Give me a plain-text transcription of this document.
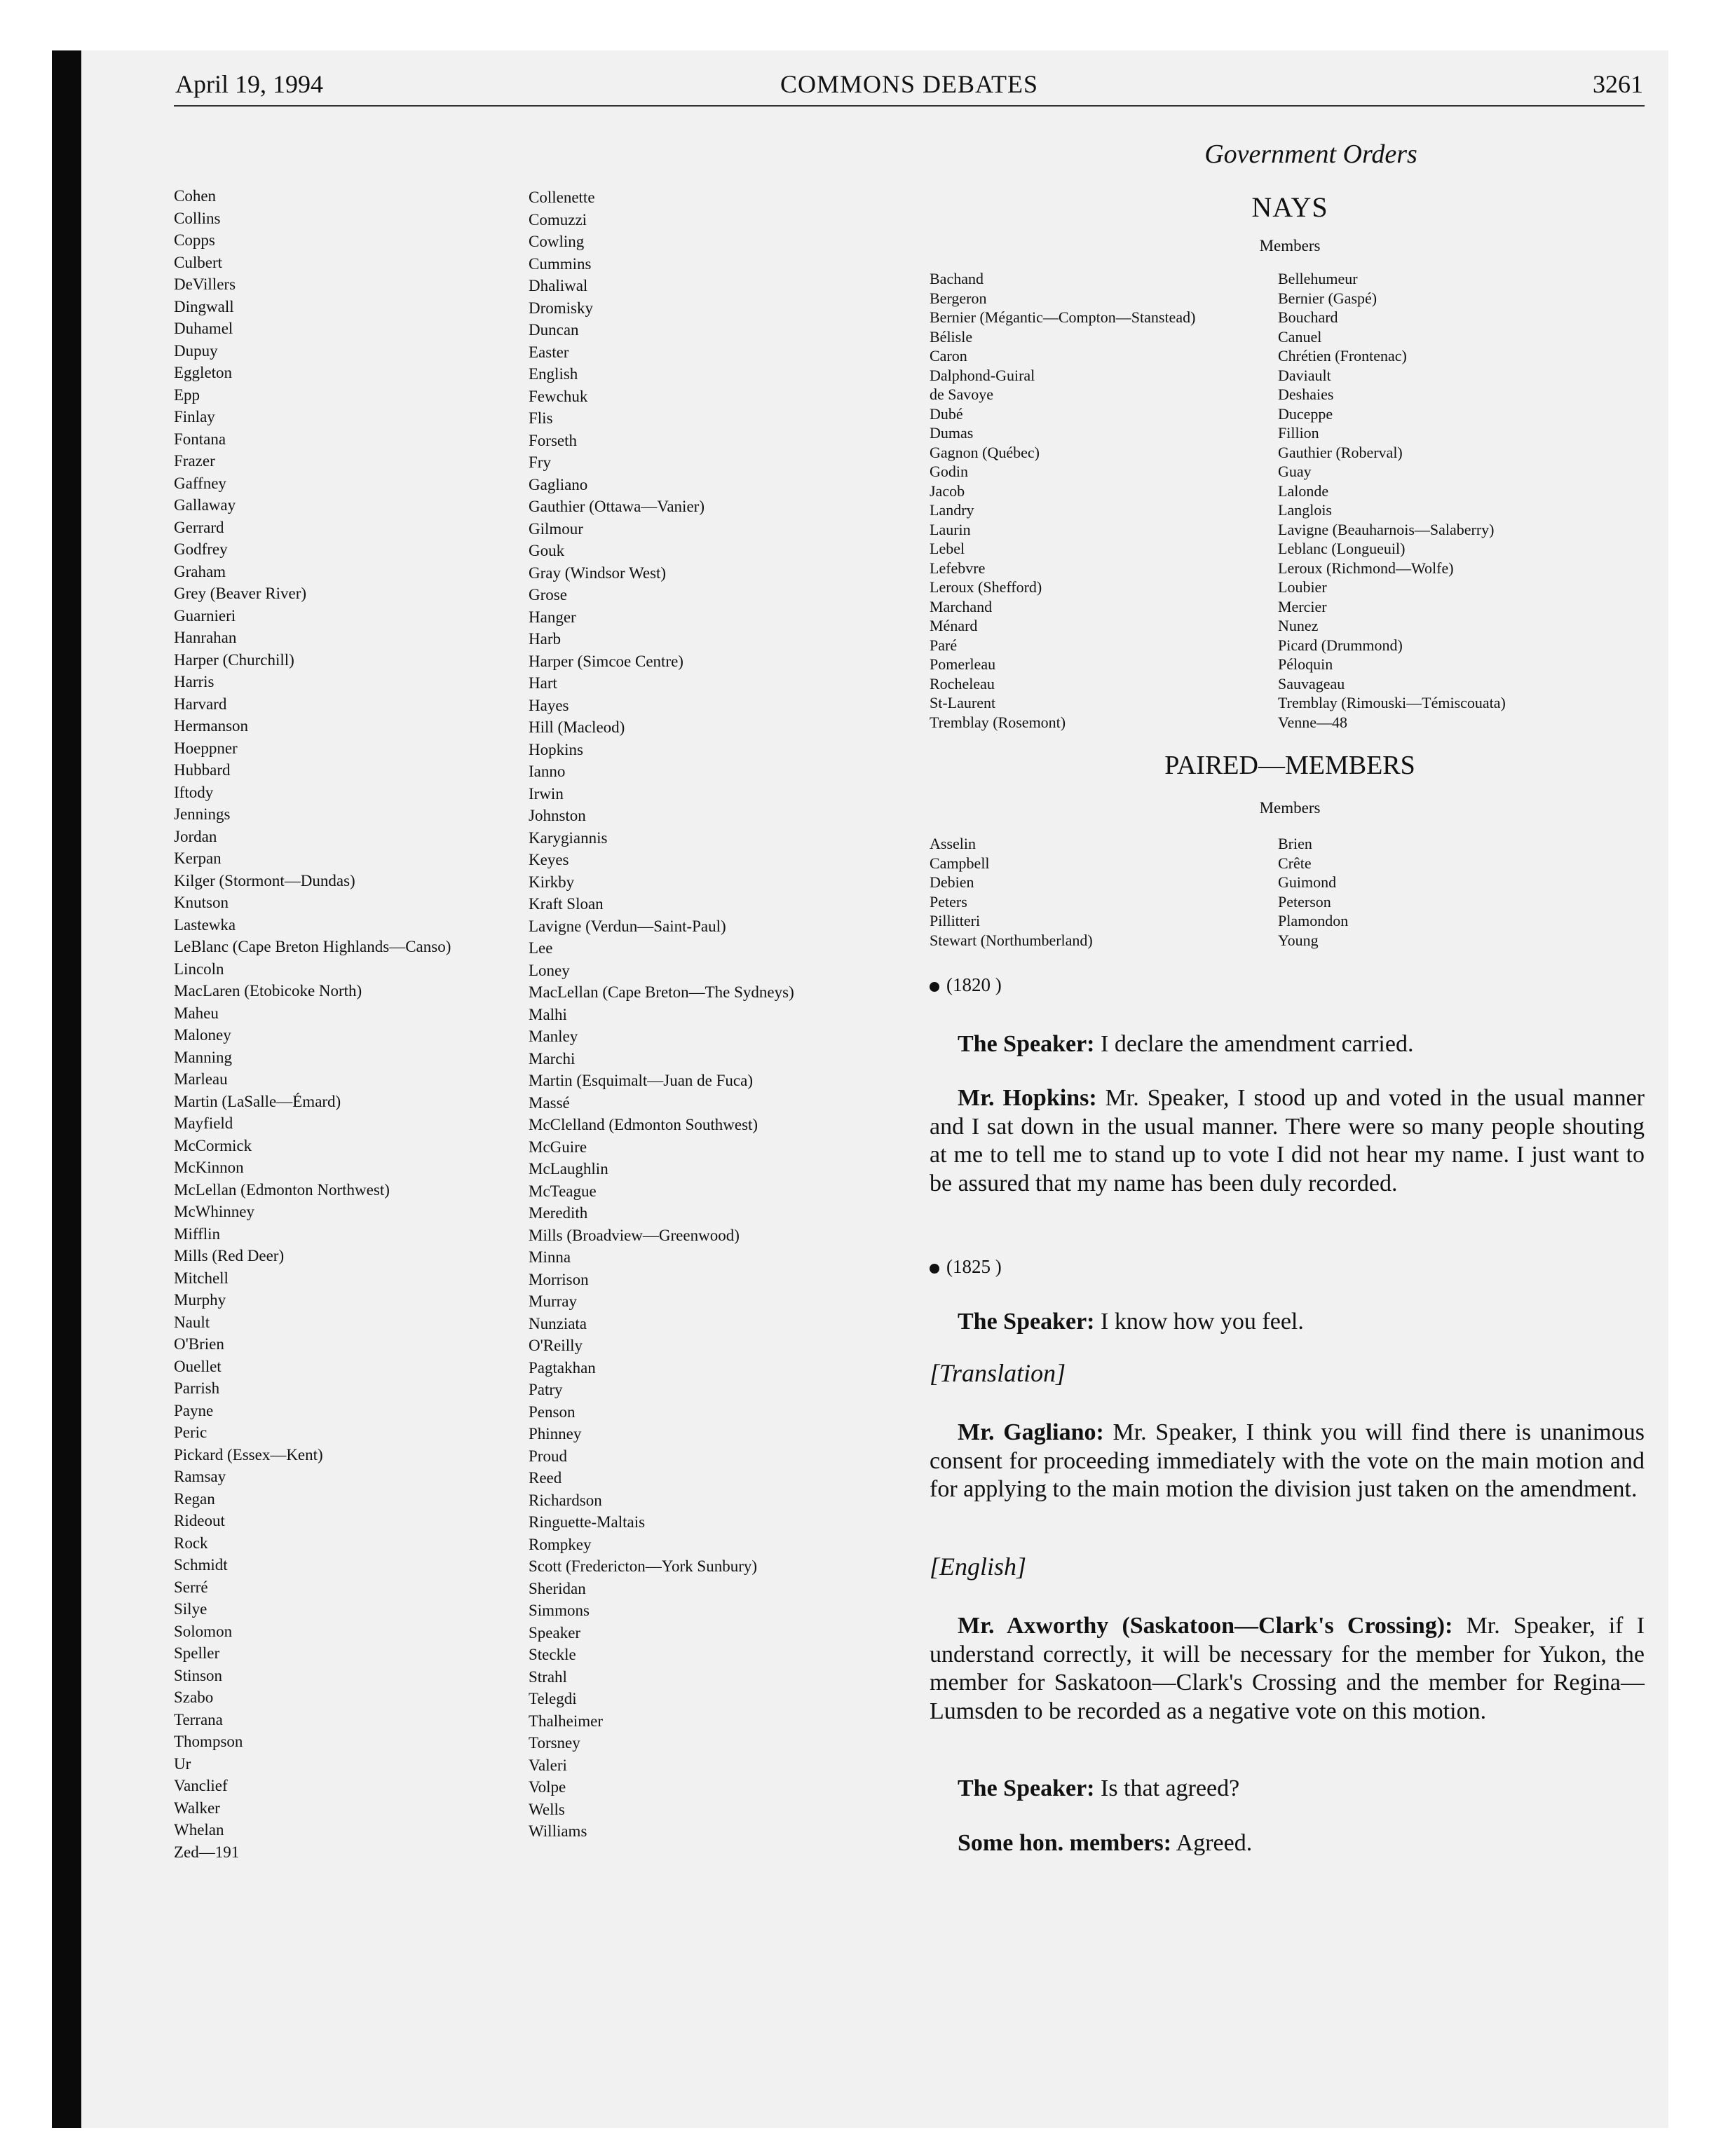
April 19, 1994	COMMONS DEBATES	3261
Government Orders
Cohen
Collins
Copps
Culbert
DeVillers
Dingwall
Duhamel
Dupuy
Eggleton
Epp
Finlay
Fontana
Frazer
Gaffney
Gallaway
Gerrard
Godfrey
Graham
Grey (Beaver River)
Guarnieri
Hanrahan
Harper (Churchill)
Harris
Harvard
Hermanson
Hoeppner
Hubbard
Iftody
Jennings
Jordan
Kerpan
Kilger (Stormont—Dundas)
Knutson
Lastewka
LeBlanc (Cape Breton Highlands—Canso)
Lincoln
MacLaren (Etobicoke North)
Maheu
Maloney
Manning
Marleau
Martin (LaSalle—Émard)
Mayfield
McCormick
McKinnon
McLellan (Edmonton Northwest)
McWhinney
Mifflin
Mills (Red Deer)
Mitchell
Murphy
Nault
O'Brien
Ouellet
Parrish
Payne
Peric
Pickard (Essex—Kent)
Ramsay
Regan
Rideout
Rock
Schmidt
Serré
Silye
Solomon
Speller
Stinson
Szabo
Terrana
Thompson
Ur
Vanclief
Walker
Whelan
Zed—191
Collenette
Comuzzi
Cowling
Cummins
Dhaliwal
Dromisky
Duncan
Easter
English
Fewchuk
Flis
Forseth
Fry
Gagliano
Gauthier (Ottawa—Vanier)
Gilmour
Gouk
Gray (Windsor West)
Grose
Hanger
Harb
Harper (Simcoe Centre)
Hart
Hayes
Hill (Macleod)
Hopkins
Ianno
Irwin
Johnston
Karygiannis
Keyes
Kirkby
Kraft Sloan
Lavigne (Verdun—Saint-Paul)
Lee
Loney
MacLellan (Cape Breton—The Sydneys)
Malhi
Manley
Marchi
Martin (Esquimalt—Juan de Fuca)
Massé
McClelland (Edmonton Southwest)
McGuire
McLaughlin
McTeague
Meredith
Mills (Broadview—Greenwood)
Minna
Morrison
Murray
Nunziata
O'Reilly
Pagtakhan
Patry
Penson
Phinney
Proud
Reed
Richardson
Ringuette-Maltais
Rompkey
Scott (Fredericton—York Sunbury)
Sheridan
Simmons
Speaker
Steckle
Strahl
Telegdi
Thalheimer
Torsney
Valeri
Volpe
Wells
Williams
NAYS
Members
Bachand
Bergeron
Bernier (Mégantic—Compton—Stanstead)
Bélisle
Caron
Dalphond-Guiral
de Savoye
Dubé
Dumas
Gagnon (Québec)
Godin
Jacob
Landry
Laurin
Lebel
Lefebvre
Leroux (Shefford)
Marchand
Ménard
Paré
Pomerleau
Rocheleau
St-Laurent
Tremblay (Rosemont)
Bellehumeur
Bernier (Gaspé)
Bouchard
Canuel
Chrétien (Frontenac)
Daviault
Deshaies
Duceppe
Fillion
Gauthier (Roberval)
Guay
Lalonde
Langlois
Lavigne (Beauharnois—Salaberry)
Leblanc (Longueuil)
Leroux (Richmond—Wolfe)
Loubier
Mercier
Nunez
Picard (Drummond)
Péloquin
Sauvageau
Tremblay (Rimouski—Témiscouata)
Venne—48
PAIRED—MEMBERS
Members
Asselin
Campbell
Debien
Peters
Pillitteri
Stewart (Northumberland)
Brien
Crête
Guimond
Peterson
Plamondon
Young
(1820 )

The Speaker: I declare the amendment carried.

Mr. Hopkins: Mr. Speaker, I stood up and voted in the usual manner and I sat down in the usual manner. There were so many people shouting at me to tell me to stand up to vote I did not hear my name. I just want to be assured that my name has been duly recorded.

(1825 )

The Speaker: I know how you feel.

[Translation]

Mr. Gagliano: Mr. Speaker, I think you will find there is unanimous consent for proceeding immediately with the vote on the main motion and for applying to the main motion the division just taken on the amendment.

[English]

Mr. Axworthy (Saskatoon—Clark's Crossing): Mr. Speaker, if I understand correctly, it will be necessary for the member for Yukon, the member for Saskatoon—Clark's Crossing and the member for Regina—Lumsden to be recorded as a negative vote on this motion.

The Speaker: Is that agreed?

Some hon. members: Agreed.
